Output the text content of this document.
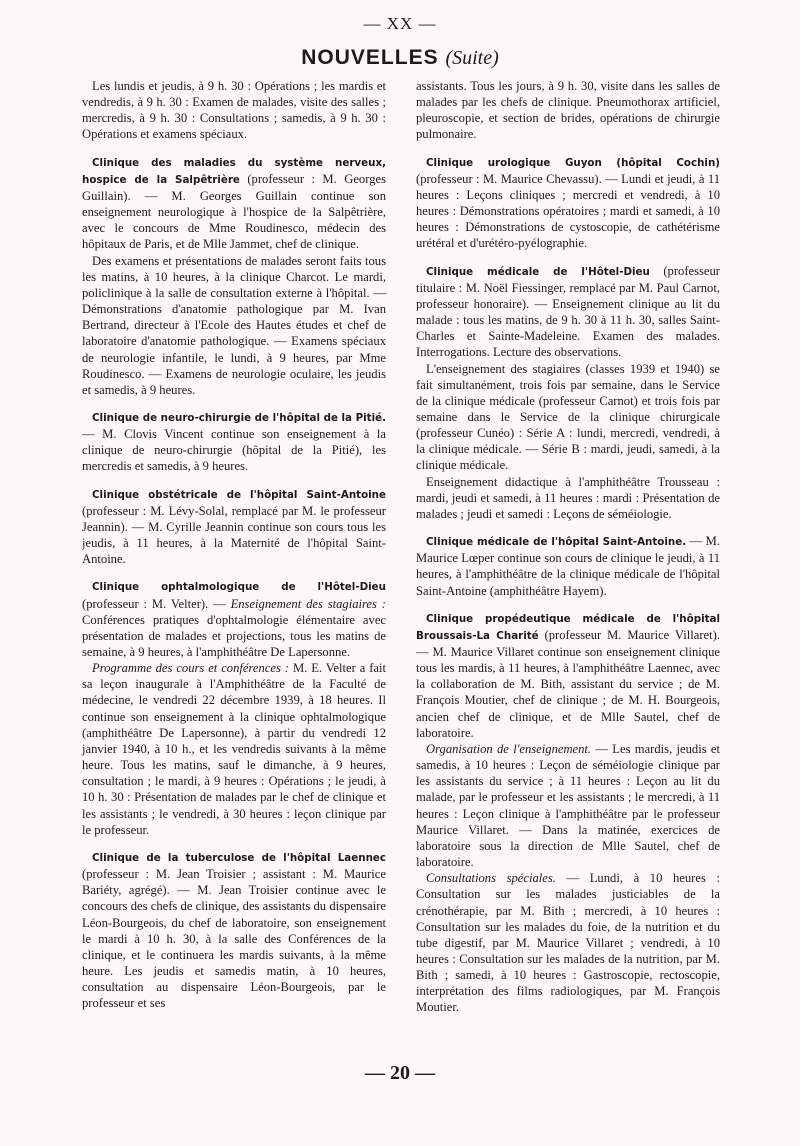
— XX —
NOUVELLES (Suite)

Les lundis et jeudis, à 9 h. 30 : Opérations ; les mardis et vendredis, à 9 h. 30 : Examen de malades, visite des salles ; mercredis, à 9 h. 30 : Consultations ; samedis, à 9 h. 30 : Opérations et examens spéciaux.

Clinique des maladies du système nerveux, hospice de la Salpêtrière (professeur : M. Georges Guillain). — M. Georges Guillain continue son enseignement neurologique à l'hospice de la Salpêtrière, avec le concours de Mme Roudinesco, médecin des hôpitaux de Paris, et de Mlle Jammet, chef de clinique.

Des examens et présentations de malades seront faits tous les matins, à 10 heures, à la clinique Charcot. Le mardi, policlinique à la salle de consultation externe à l'hôpital. — Démonstrations d'anatomie pathologique par M. Ivan Bertrand, directeur à l'Ecole des Hautes études et chef de laboratoire d'anatomie pathologique. — Examens spéciaux de neurologie infantile, le lundi, à 9 heures, par Mme Roudinesco. — Examens de neurologie oculaire, les jeudis et samedis, à 9 heures.

Clinique de neuro-chirurgie de l'hôpital de la Pitié. — M. Clovis Vincent continue son enseignement à la clinique de neuro-chirurgie (hôpital de la Pitié), les mercredis et samedis, à 9 heures.

Clinique obstétricale de l'hôpital Saint-Antoine (professeur : M. Lévy-Solal, remplacé par M. le professeur Jeannin). — M. Cyrille Jeannin continue son cours tous les jeudis, à 11 heures, à la Maternité de l'hôpital Saint-Antoine.

Clinique ophtalmologique de l'Hôtel-Dieu (professeur : M. Velter). — Enseignement des stagiaires : Conférences pratiques d'ophtalmologie élémentaire avec présentation de malades et projections, tous les matins de semaine, à 9 heures, à l'amphithéâtre De Lapersonne.

Programme des cours et conférences : M. E. Velter a fait sa leçon inaugurale à l'Amphithéâtre de la Faculté de médecine, le vendredi 22 décembre 1939, à 18 heures. Il continue son enseignement à la clinique ophtalmologique (amphithéâtre De Lapersonne), à partir du vendredi 12 janvier 1940, à 10 h., et les vendredis suivants à la même heure. Tous les matins, sauf le dimanche, à 9 heures, consultation ; le mardi, à 9 heures : Opérations ; le jeudi, à 10 h. 30 : Présentation de malades par le chef de clinique et les assistants ; le vendredi, à 30 heures : leçon clinique par le professeur.

Clinique de la tuberculose de l'hôpital Laennec (professeur : M. Jean Troisier ; assistant : M. Maurice Bariéty, agrégé). — M. Jean Troisier continue avec le concours des chefs de clinique, des assistants du dispensaire Léon-Bourgeois, du chef de laboratoire, son enseignement le mardi à 10 h. 30, à la salle des Conférences de la clinique, et le continuera les mardis suivants, à la même heure. Les jeudis et samedis matin, à 10 heures, consultation au dispensaire Léon-Bourgeois, par le professeur et ses

assistants. Tous les jours, à 9 h. 30, visite dans les salles de malades par les chefs de clinique. Pneumothorax artificiel, pleuroscopie, et section de brides, opérations de chirurgie pulmonaire.

Clinique urologique Guyon (hôpital Cochin) (professeur : M. Maurice Chevassu). — Lundi et jeudi, à 11 heures : Leçons cliniques ; mercredi et vendredi, à 10 heures : Démonstrations opératoires ; mardi et samedi, à 10 heures : Démonstrations de cystoscopie, de cathétérisme urétéral et d'urétéro-pyélographie.

Clinique médicale de l'Hôtel-Dieu (professeur titulaire : M. Noël Fiessinger, remplacé par M. Paul Carnot, professeur honoraire). — Enseignement clinique au lit du malade : tous les matins, de 9 h. 30 à 11 h. 30, salles Saint-Charles et Sainte-Madeleine. Examen des malades. Interrogations. Lecture des observations.

L'enseignement des stagiaires (classes 1939 et 1940) se fait simultanément, trois fois par semaine, dans le Service de la clinique médicale (professeur Carnot) et trois fois par semaine dans le Service de la clinique chirurgicale (professeur Cunéo) : Série A : lundi, mercredi, vendredi, à la clinique médicale. — Série B : mardi, jeudi, samedi, à la clinique médicale.

Enseignement didactique à l'amphithéâtre Trousseau : mardi, jeudi et samedi, à 11 heures : mardi : Présentation de malades ; jeudi et samedi : Leçons de séméiologie.

Clinique médicale de l'hôpital Saint-Antoine. — M. Maurice Lœper continue son cours de clinique le jeudi, à 11 heures, à l'amphithéâtre de la clinique médicale de l'hôpital Saint-Antoine (amphithéâtre Hayem).

Clinique propédeutique médicale de l'hôpital Broussais-La Charité (professeur M. Maurice Villaret). — M. Maurice Villaret continue son enseignement clinique tous les mardis, à 11 heures, à l'amphithéâtre Laennec, avec la collaboration de M. Bith, assistant du service ; de M. François Moutier, chef de clinique ; de M. H. Bourgeois, ancien chef de clinique, et de Mlle Sautel, chef de laboratoire.

Organisation de l'enseignement. — Les mardis, jeudis et samedis, à 10 heures : Leçon de séméiologie clinique par les assistants du service ; à 11 heures : Leçon au lit du malade, par le professeur et les assistants ; le mercredi, à 11 heures : Leçon clinique à l'amphithéâtre par le professeur Maurice Villaret. — Dans la matinée, exercices de laboratoire sous la direction de Mlle Sautel, chef de laboratoire.

Consultations spéciales. — Lundi, à 10 heures : Consultation sur les malades justiciables de la crénothérapie, par M. Bith ; mercredi, à 10 heures : Consultation sur les malades du foie, de la nutrition et du tube digestif, par M. Maurice Villaret ; vendredi, à 10 heures : Consultation sur les malades de la nutrition, par M. Bith ; samedi, à 10 heures : Gastroscopie, rectoscopie, interprétation des films radiologiques, par M. François Moutier.

— 20 —
